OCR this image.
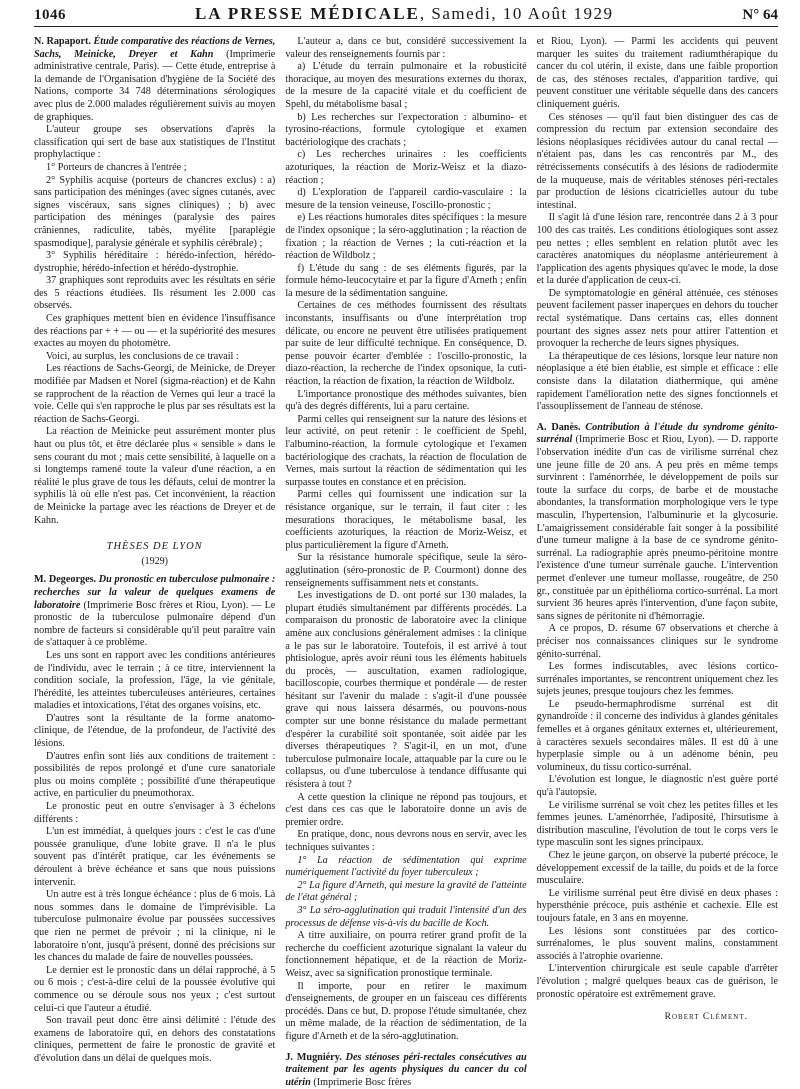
1046	LA PRESSE MÉDICALE, Samedi, 10 Août 1929	N° 64

N. Rapaport. Étude comparative des réactions de Vernes, Sachs, Meinicke, Dreyer et Kahn (Imprimerie administrative centrale, Paris). — Cette étude, entreprise à la demande de l'Organisation d'hygiène de la Société des Nations, comporte 34 748 déterminations sérologiques avec plus de 2.000 malades régulièrement suivis au moyen de graphiques.

L'auteur groupe ses observations d'après la classification qui sert de base aux statistiques de l'Institut prophylactique :

1° Porteurs de chancres à l'entrée ;

2° Syphilis acquise (porteurs de chancres exclus) : a) sans participation des méninges (avec signes cutanés, avec signes viscéraux, sans signes cliniques) ; b) avec participation des méninges (paralysie des paires crâniennes, radiculite, tabès, myélite [paraplégie spasmodique], paralysie générale et syphilis cérébrale) ;

3° Syphilis héréditaire : hérédo-infection, hérédo-dystrophie, hérédo-infection et hérédo-dystrophie.

37 graphiques sont reproduits avec les résultats en série des 5 réactions étudiées. Ils résument les 2.000 cas observés.

Ces graphiques mettent bien en évidence l'insuffisance des réactions par + + — ou — et la supériorité des mesures exactes au moyen du photomètre.

Voici, au surplus, les conclusions de ce travail :

Les réactions de Sachs-Georgi, de Meinicke, de Dreyer modifiée par Madsen et Norel (sigma-réaction) et de Kahn se rapprochent de la réaction de Vernes qui leur a tracé la voie. Celle qui s'en rapproche le plus par ses résultats est la réaction de Sachs-Georgi.

La réaction de Meinicke peut assurément monter plus haut ou plus tôt, et être déclarée plus « sensible » dans le sens courant du mot ; mais cette sensibilité, à laquelle on a si longtemps ramené toute la valeur d'une réaction, a en réalité le plus grave de tous les défauts, celui de montrer la syphilis là où elle n'est pas. Cet inconvénient, la réaction de Meinicke la partage avec les réactions de Dreyer et de Kahn.

THÈSES DE LYON
(1929)

M. Degeorges. Du pronostic en tuberculose pulmonaire : recherches sur la valeur de quelques examens de laboratoire (Imprimerie Bosc frères et Riou, Lyon). — Le pronostic de la tuberculose pulmonaire dépend d'un nombre de facteurs si considérable qu'il peut paraître vain de s'attaquer à ce problème.

Les uns sont en rapport avec les conditions antérieures de l'individu, avec le terrain ; à ce titre, interviennent la condition sociale, la profession, l'âge, la vie génitale, l'hérédité, les atteintes tuberculeuses antérieures, certaines maladies et intoxications, l'état des organes voisins, etc.

D'autres sont la résultante de la forme anatomo-clinique, de l'étendue, de la profondeur, de l'activité des lésions.

D'autres enfin sont liés aux conditions de traitement : possibilités de repos prolongé et d'une cure sanatoriale plus ou moins complète ; possibilité d'une thérapeutique active, en particulier du pneumothorax.

Le pronostic peut en outre s'envisager à 3 échelons différents :

L'un est immédiat, à quelques jours : c'est le cas d'une poussée granulique, d'une lobite grave. Il n'a le plus souvent pas d'intérêt pratique, car les événements se déroulent à brève échéance et sans que nous puissions intervenir.

Un autre est à très longue échéance : plus de 6 mois. Là nous sommes dans le domaine de l'imprévisible. La tuberculose pulmonaire évolue par poussées successives que rien ne permet de prévoir ; ni la clinique, ni le laboratoire n'ont, jusqu'à présent, donné des précisions sur les chances du malade de faire de nouvelles poussées.

Le dernier est le pronostic dans un délai rapproché, à 5 ou 6 mois ; c'est-à-dire celui de la poussée évolutive qui commence ou se déroule sous nos yeux ; c'est surtout celui-ci que l'auteur a étudié.

Son travail peut donc être ainsi délimité : l'étude des examens de laboratoire qui, en dehors des constatations cliniques, permettent de faire le pronostic de gravité et d'évolution dans un délai de quelques mois.

L'auteur a, dans ce but, considéré successivement la valeur des renseignements fournis par :

a) L'étude du terrain pulmonaire et la robusticité thoracique, au moyen des mesurations externes du thorax, de la mesure de la capacité vitale et du coefficient de Spehl, du métabolisme basal ;

b) Les recherches sur l'expectoration : albumino- et tyrosino-réactions, formule cytologique et examen bactériologique des crachats ;

c) Les recherches urinaires : les coefficients azoturiques, la réaction de Moriz-Weisz et la diazo-réaction ;

d) L'exploration de l'appareil cardio-vasculaire : la mesure de la tension veineuse, l'oscillo-pronostic ;

e) Les réactions humorales dites spécifiques : la mesure de l'index opsonique ; la séro-agglutination ; la réaction de fixation ; la réaction de Vernes ; la cuti-réaction et la réaction de Wildbolz ;

f) L'étude du sang : de ses éléments figurés, par la formule hémo-leucocytaire et par la figure d'Arneth ; enfin la mesure de la sédimentation sanguine.

Certaines de ces méthodes fournissent des résultats inconstants, insuffisants ou d'une interprétation trop délicate, ou encore ne peuvent être utilisées pratiquement par suite de leur difficulté technique. En conséquence, D. pense pouvoir écarter d'emblée : l'oscillo-pronostic, la diazo-réaction, la recherche de l'index opsonique, la cuti-réaction, la réaction de fixation, la réaction de Wildbolz.

L'importance pronostique des méthodes suivantes, bien qu'à des degrés différents, lui a paru certaine.

Parmi celles qui renseignent sur la nature des lésions et leur activité, on peut retenir : le coefficient de Spehl, l'albumino-réaction, la formule cytologique et l'examen bactériologique des crachats, la réaction de floculation de Vernes, mais surtout la réaction de sédimentation qui les surpasse toutes en constance et en précision.

Parmi celles qui fournissent une indication sur la résistance organique, sur le terrain, il faut citer : les mesurations thoraciques, le métabolisme basal, les coefficients azoturiques, la réaction de Moriz-Weisz, et plus particulièrement la figure d'Arneth.

Sur la résistance humorale spécifique, seule la séro-agglutination (séro-pronostic de P. Courmont) donne des renseignements suffisamment nets et constants.

Les investigations de D. ont porté sur 130 malades, la plupart étudiés simultanément par différents procédés. La comparaison du pronostic de laboratoire avec la clinique amène aux conclusions généralement admises : la clinique a le pas sur le laboratoire. Toutefois, il est arrivé à tout phtisiologue, après avoir réuni tous les éléments habituels du procès, — auscultation, examen radiologique, bacilloscopie, courbes thermique et pondérale — de rester hésitant sur l'avenir du malade : s'agit-il d'une poussée grave qui nous laissera désarmés, ou pouvons-nous compter sur une bonne résistance du malade permettant d'espérer la curabilité soit spontanée, soit aidée par les diverses thérapeutiques ? S'agit-il, en un mot, d'une tuberculose pulmonaire locale, attaquable par la cure ou le collapsus, ou d'une tuberculose à tendance diffusante qui résistera à tout ?

A cette question la clinique ne répond pas toujours, et c'est dans ces cas que le laboratoire donne un avis de premier ordre.

En pratique, donc, nous devrons nous en servir, avec les techniques suivantes :

1° La réaction de sédimentation qui exprime numériquement l'activité du foyer tuberculeux ;

2° La figure d'Arneth, qui mesure la gravité de l'atteinte de l'état général ;

3° La séro-agglutination qui traduit l'intensité d'un des processus de défense vis-à-vis du bacille de Koch.

A titre auxiliaire, on pourra retirer grand profit de la recherche du coefficient azoturique signalant la valeur du fonctionnement hépatique, et de la réaction de Moriz-Weisz, avec sa signification pronostique terminale.

Il importe, pour en retirer le maximum d'enseignements, de grouper en un faisceau ces différents procédés. Dans ce but, D. propose l'étude simultanée, chez un même malade, de la réaction de sédimentation, de la figure d'Arneth et de la séro-agglutination.

J. Mugniéry. Des sténoses péri-rectales consécutives au traitement par les agents physiques du cancer du col utérin (Imprimerie Bosc frères

et Riou, Lyon). — Parmi les accidents qui peuvent marquer les suites du traitement radiumthérapique du cancer du col utérin, il existe, dans une faible proportion de cas, des sténoses rectales, d'apparition tardive, qui peuvent constituer une véritable séquelle dans des cancers cliniquement guéris.

Ces sténoses — qu'il faut bien distinguer des cas de compression du rectum par extension secondaire des lésions néoplasiques récidivées autour du canal rectal — n'étaient pas, dans les cas rencontrés par M., des rétrécissements consécutifs à des lésions de radiodermite de la muqueuse, mais de véritables sténoses péri-rectales par production de lésions cicatricielles autour du tube intestinal.

Il s'agit là d'une lésion rare, rencontrée dans 2 à 3 pour 100 des cas traités. Les conditions étiologiques sont assez peu nettes ; elles semblent en relation plutôt avec les caractères anatomiques du néoplasme antérieurement à l'application des agents physiques qu'avec le mode, la dose et la durée d'application de ceux-ci.

De symptomatologie en général atténuée, ces sténoses peuvent facilement passer inaperçues en dehors du toucher rectal systématique. Dans certains cas, elles donnent pourtant des signes assez nets pour attirer l'attention et provoquer la recherche de leurs signes physiques.

La thérapeutique de ces lésions, lorsque leur nature non néoplasique a été bien établie, est simple et efficace : elle consiste dans la dilatation diathermique, qui amène rapidement l'amélioration nette des signes fonctionnels et l'assouplissement de l'anneau de sténose.

A. Danès. Contribution à l'étude du syndrome génito-surrénal (Imprimerie Bosc et Riou, Lyon). — D. rapporte l'observation inédite d'un cas de virilisme surrénal chez une jeune fille de 20 ans. A peu près en même temps survinrent : l'aménorrhée, le développement de poils sur toute la surface du corps, de barbe et de moustache abondantes, la transformation morphologique vers le type masculin, l'hypertension, l'albuminurie et la glycosurie. L'amaigrissement considérable fait songer à la possibilité d'une tumeur maligne à la base de ce syndrome génito-surrénal. La radiographie après pneumo-péritoine montre l'existence d'une tumeur surrénale gauche. L'intervention permet d'enlever une tumeur mollasse, rougeâtre, de 250 gr., constituée par un épithélioma cortico-surrénal. La mort survient 36 heures après l'intervention, d'une façon subite, sans signes de péritonite ni d'hémorragie.

A ce propos, D. résume 67 observations et cherche à préciser nos connaissances cliniques sur le syndrome génito-surrénal.

Les formes indiscutables, avec lésions cortico-surrénales importantes, se rencontrent uniquement chez les sujets jeunes, presque toujours chez les femmes.

Le pseudo-hermaphrodisme surrénal est dit gynandroïde : il concerne des individus à glandes génitales femelles et à organes génitaux externes et, ultérieurement, à caractères sexuels secondaires mâles. Il est dû à une hyperplasie simple ou à un adénome bénin, peu volumineux, du tissu cortico-surrénal.

L'évolution est longue, le diagnostic n'est guère porté qu'à l'autopsie.

Le virilisme surrénal se voit chez les petites filles et les femmes jeunes. L'aménorrhée, l'adiposité, l'hirsutisme à distribution masculine, l'évolution de tout le corps vers le type masculin sont les signes principaux.

Chez le jeune garçon, on observe la puberté précoce, le développement excessif de la taille, du poids et de la force musculaire.

Le virilisme surrénal peut être divisé en deux phases : hypersthénie précoce, puis asthénie et cachexie. Elle est toujours fatale, en 3 ans en moyenne.

Les lésions sont constituées par des cortico-surrénalomes, le plus souvent malins, constamment associés à l'atrophie ovarienne.

L'intervention chirurgicale est seule capable d'arrêter l'évolution ; malgré quelques beaux cas de guérison, le pronostic opératoire est extrêmement grave.

Robert Clément.
